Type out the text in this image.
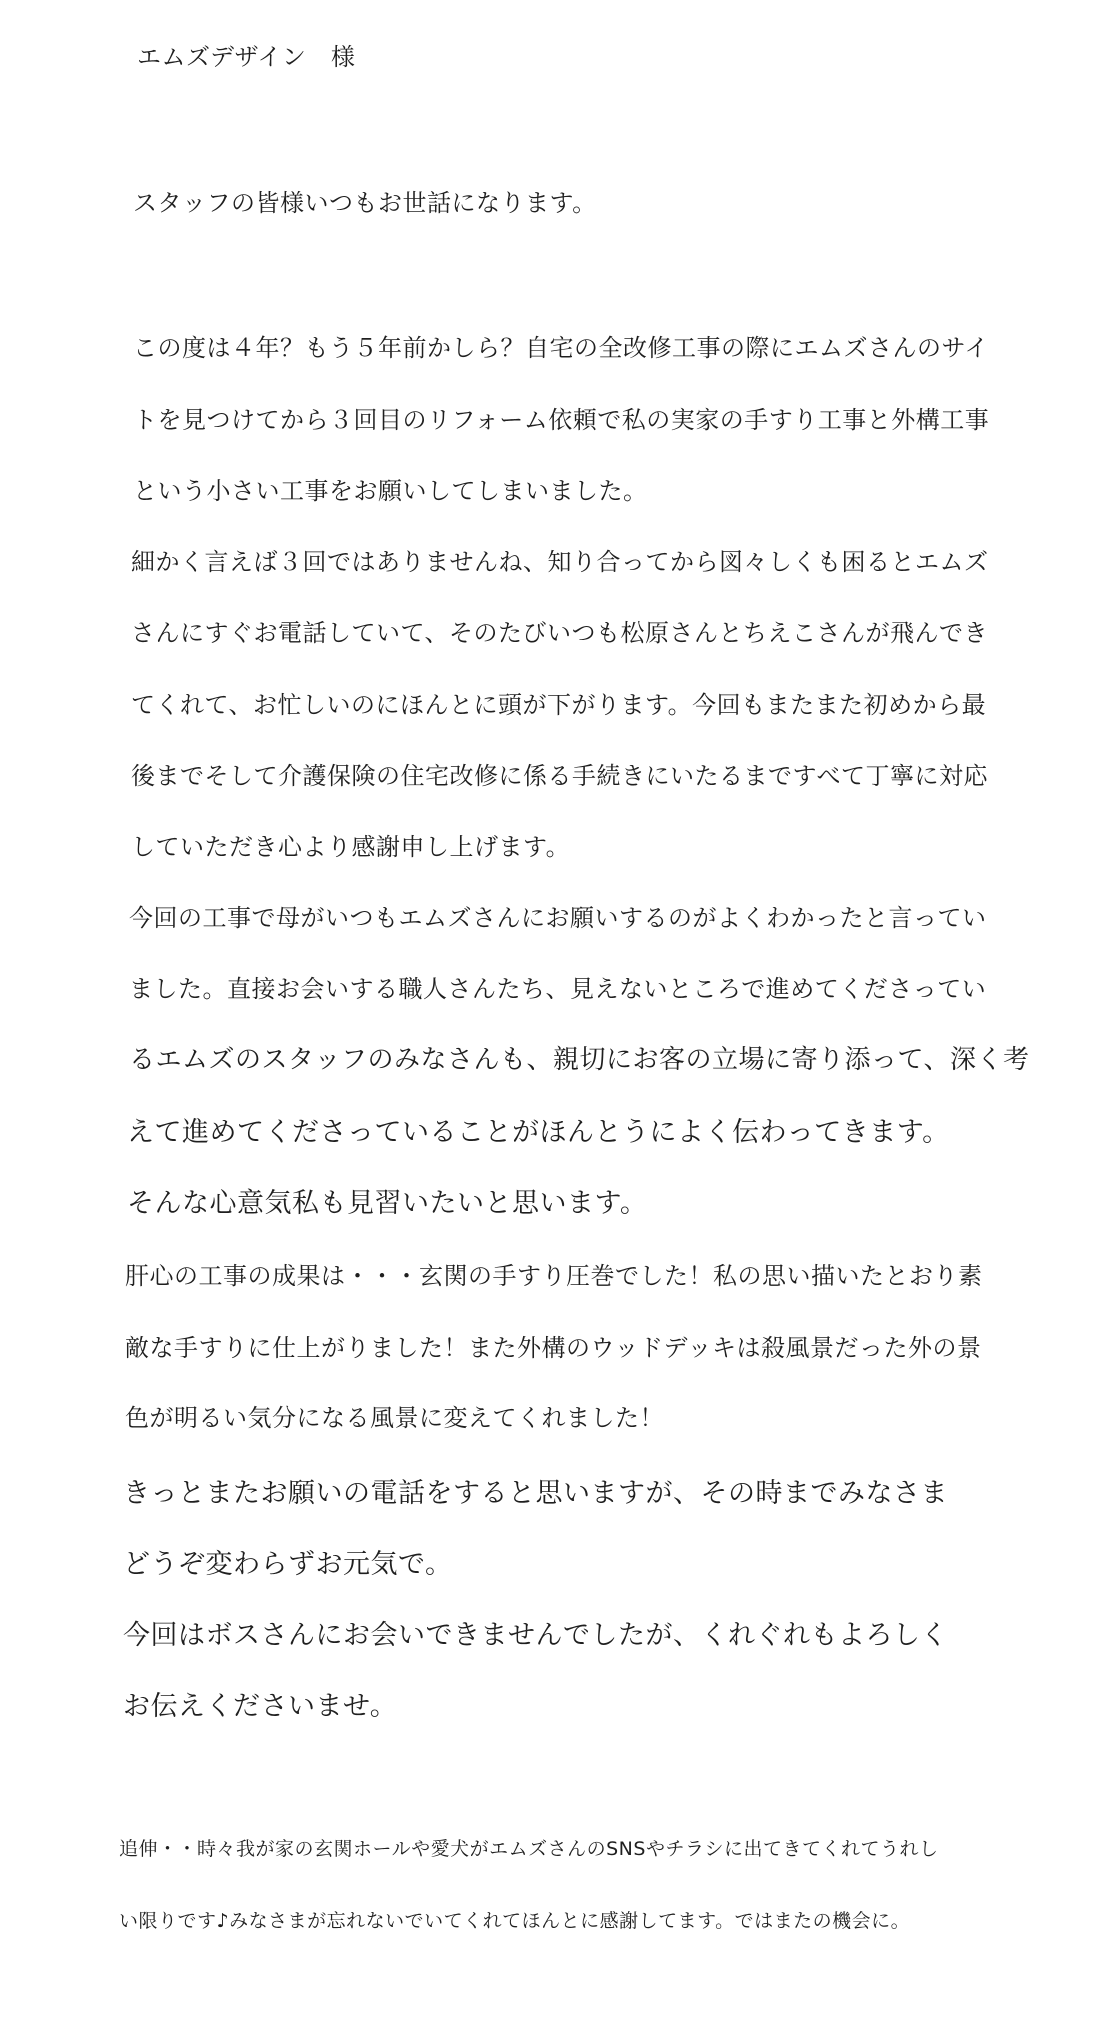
エムズデザイン　様
スタッフの皆様いつもお世話になります。
この度は４年？もう５年前かしら？自宅の全改修工事の際にエムズさんのサイ
トを見つけてから３回目のリフォーム依頼で私の実家の手すり工事と外構工事
という小さい工事をお願いしてしまいました。
細かく言えば３回ではありませんね、知り合ってから図々しくも困るとエムズ
さんにすぐお電話していて、そのたびいつも松原さんとちえこさんが飛んでき
てくれて、お忙しいのにほんとに頭が下がります。今回もまたまた初めから最
後までそして介護保険の住宅改修に係る手続きにいたるまですべて丁寧に対応
していただき心より感謝申し上げます。
今回の工事で母がいつもエムズさんにお願いするのがよくわかったと言ってい
ました。直接お会いする職人さんたち、見えないところで進めてくださってい
るエムズのスタッフのみなさんも、親切にお客の立場に寄り添って、深く考
えて進めてくださっていることがほんとうによく伝わってきます。
そんな心意気私も見習いたいと思います。
肝心の工事の成果は・・・玄関の手すり圧巻でした！私の思い描いたとおり素
敵な手すりに仕上がりました！また外構のウッドデッキは殺風景だった外の景
色が明るい気分になる風景に変えてくれました！
きっとまたお願いの電話をすると思いますが、その時までみなさま
どうぞ変わらずお元気で。
今回はボスさんにお会いできませんでしたが、くれぐれもよろしく
お伝えくださいませ。
追伸・・時々我が家の玄関ホールや愛犬がエムズさんのSNSやチラシに出てきてくれてうれし
い限りです♪みなさまが忘れないでいてくれてほんとに感謝してます。ではまたの機会に。
